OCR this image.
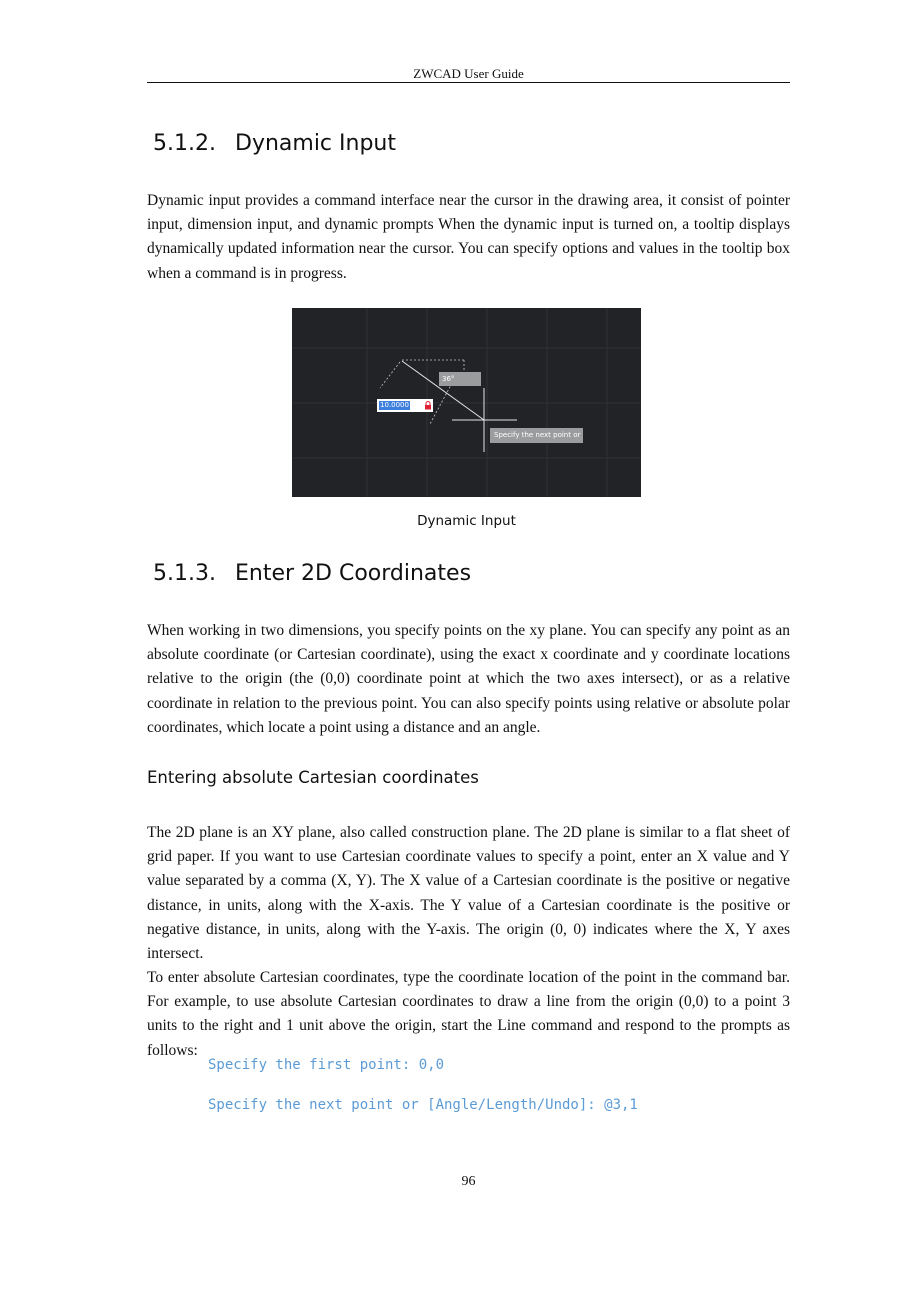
ZWCAD User Guide
5.1.2. Dynamic Input

Dynamic input provides a command interface near the cursor in the drawing area, it consist of pointer input, dimension input, and dynamic prompts When the dynamic input is turned on, a tooltip displays dynamically updated information near the cursor. You can specify options and values in the tooltip box when a command is in progress.

36°
10.0000
Specify the next point or
Dynamic Input
5.1.3. Enter 2D Coordinates

When working in two dimensions, you specify points on the xy plane. You can specify any point as an absolute coordinate (or Cartesian coordinate), using the exact x coordinate and y coordinate locations relative to the origin (the (0,0) coordinate point at which the two axes intersect), or as a relative coordinate in relation to the previous point. You can also specify points using relative or absolute polar coordinates, which locate a point using a distance and an angle.

Entering absolute Cartesian coordinates

The 2D plane is an XY plane, also called construction plane. The 2D plane is similar to a flat sheet of grid paper. If you want to use Cartesian coordinate values to specify a point, enter an X value and Y value separated by a comma (X, Y). The X value of a Cartesian coordinate is the positive or negative distance, in units, along with the X-axis. The Y value of a Cartesian coordinate is the positive or negative distance, in units, along with the Y-axis. The origin (0, 0) indicates where the X, Y axes intersect.

To enter absolute Cartesian coordinates, type the coordinate location of the point in the command bar. For example, to use absolute Cartesian coordinates to draw a line from the origin (0,0) to a point 3 units to the right and 1 unit above the origin, start the Line command and respond to the prompts as follows:

Specify the first point: 0,0
Specify the next point or [Angle/Length/Undo]: @3,1
96
